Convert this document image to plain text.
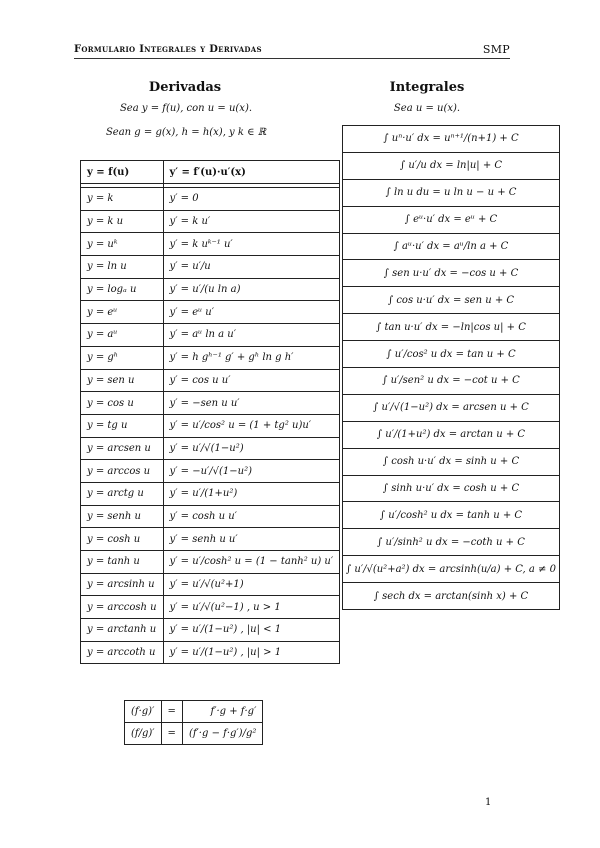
Formulario Integrales y Derivadas	SMP
Derivadas
Sea y = f(u), con u = u(x).
Sean g = g(x), h = h(x), y k ∈ ℝ
Integrales
Sea u = u(x).
y = f(u)	y′ = f′(u)·u′(x)

y = k	y′ = 0
y = k u	y′ = k u′
y = uᵏ	y′ = k uᵏ⁻¹ u′
y = ln u	y′ = u′/u
y = logₐ u	y′ = u′/(u ln a)
y = eᵘ	y′ = eᵘ u′
y = aᵘ	y′ = aᵘ ln a u′
y = gʰ	y′ = h gʰ⁻¹ g′ + gʰ ln g h′
y = sen u	y′ = cos u u′
y = cos u	y′ = −sen u u′
y = tg u	y′ = u′/cos² u = (1 + tg² u)u′
y = arcsen u	y′ = u′/√(1−u²)
y = arccos u	y′ = −u′/√(1−u²)
y = arctg u	y′ = u′/(1+u²)
y = senh u	y′ = cosh u u′
y = cosh u	y′ = senh u u′
y = tanh u	y′ = u′/cosh² u = (1 − tanh² u) u′
y = arcsinh u	y′ = u′/√(u²+1)
y = arccosh u	y′ = u′/√(u²−1) , u > 1
y = arctanh u	y′ = u′/(1−u²) , |u| < 1
y = arccoth u	y′ = u′/(1−u²) , |u| > 1
∫ uⁿ·u′ dx = uⁿ⁺¹/(n+1) + C
∫ u′/u dx = ln|u| + C
∫ ln u du = u ln u − u + C
∫ eᵘ·u′ dx = eᵘ + C
∫ aᵘ·u′ dx = aᵘ/ln a + C
∫ sen u·u′ dx = −cos u + C
∫ cos u·u′ dx = sen u + C
∫ tan u·u′ dx = −ln|cos u| + C
∫ u′/cos² u dx = tan u + C
∫ u′/sen² u dx = −cot u + C
∫ u′/√(1−u²) dx = arcsen u + C
∫ u′/(1+u²) dx = arctan u + C
∫ cosh u·u′ dx = sinh u + C
∫ sinh u·u′ dx = cosh u + C
∫ u′/cosh² u dx = tanh u + C
∫ u′/sinh² u dx = −coth u + C
∫ u′/√(u²+a²) dx = arcsinh(u/a) + C, a ≠ 0
∫ sech dx = arctan(sinh x) + C
(f·g)′	=	f′·g + f·g′
(f/g)′	=	(f′·g − f·g′)/g²
1
